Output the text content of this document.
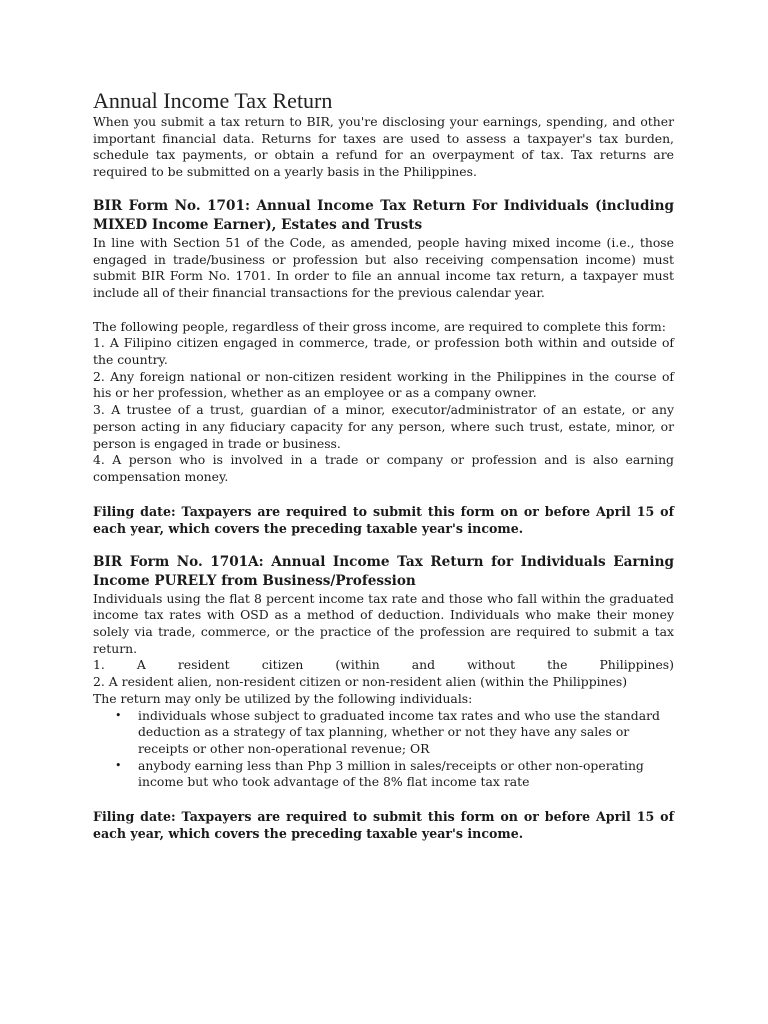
Annual Income Tax Return

When you submit a tax return to BIR, you're disclosing your earnings, spending, and other important financial data. Returns for taxes are used to assess a taxpayer's tax burden, schedule tax payments, or obtain a refund for an overpayment of tax. Tax returns are required to be submitted on a yearly basis in the Philippines.

BIR Form No. 1701: Annual Income Tax Return For Individuals (including MIXED Income Earner), Estates and Trusts

In line with Section 51 of the Code, as amended, people having mixed income (i.e., those engaged in trade/business or profession but also receiving compensation income) must submit BIR Form No. 1701. In order to file an annual income tax return, a taxpayer must include all of their financial transactions for the previous calendar year.

The following people, regardless of their gross income, are required to complete this form:

1. A Filipino citizen engaged in commerce, trade, or profession both within and outside of the country.

2. Any foreign national or non-citizen resident working in the Philippines in the course of his or her profession, whether as an employee or as a company owner.

3. A trustee of a trust, guardian of a minor, executor/administrator of an estate, or any person acting in any fiduciary capacity for any person, where such trust, estate, minor, or person is engaged in trade or business.

4. A person who is involved in a trade or company or profession and is also earning compensation money.

Filing date: Taxpayers are required to submit this form on or before April 15 of each year, which covers the preceding taxable year's income.

BIR Form No. 1701A: Annual Income Tax Return for Individuals Earning Income PURELY from Business/Profession

Individuals using the flat 8 percent income tax rate and those who fall within the graduated income tax rates with OSD as a method of deduction. Individuals who make their money solely via trade, commerce, or the practice of the profession are required to submit a tax return.

1. A resident citizen (within and without the Philippines)

2. A resident alien, non-resident citizen or non-resident alien (within the Philippines)

The return may only be utilized by the following individuals:

• individuals whose subject to graduated income tax rates and who use the standard deduction as a strategy of tax planning, whether or not they have any sales or receipts or other non-operational revenue; OR
• anybody earning less than Php 3 million in sales/receipts or other non-operating income but who took advantage of the 8% flat income tax rate

Filing date: Taxpayers are required to submit this form on or before April 15 of each year, which covers the preceding taxable year's income.
